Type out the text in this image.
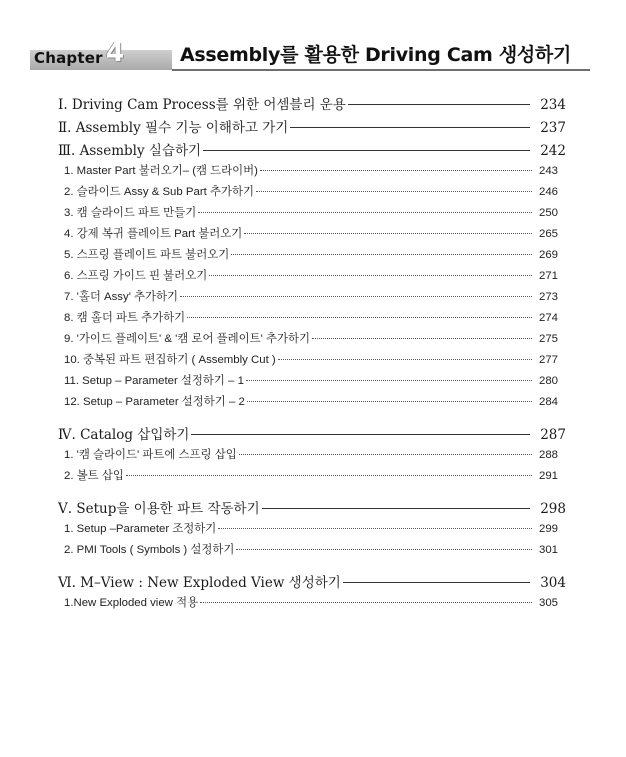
Chapter 4	Assembly를 활용한 Driving Cam 생성하기
Ⅰ. Driving Cam Process를 위한 어셈블리 운용	234
Ⅱ. Assembly 필수 기능 이해하고 가기	237
Ⅲ. Assembly 실습하기	242
1. Master Part 불러오기– (캠 드라이버)	243
2. 슬라이드 Assy & Sub Part 추가하기	246
3. 캠 슬라이드 파트 만들기	250
4. 강제 복귀 플레이트 Part 불러오기	265
5. 스프링 플레이트 파트 불러오기	269
6. 스프링 가이드 핀 불러오기	271
7. '홀더 Assy' 추가하기	273
8. 캠 홀더 파트 추가하기	274
9. '가이드 플레이트' & '캠 로어 플레이트' 추가하기	275
10. 중복된 파트 편집하기 ( Assembly Cut )	277
11. Setup – Parameter 설정하기 – 1	280
12. Setup – Parameter 설정하기 – 2	284
Ⅳ. Catalog 삽입하기	287
1. '캠 슬라이드' 파트에 스프링 삽입	288
2. 볼트 삽입	291
Ⅴ. Setup을 이용한 파트 작동하기	298
1. Setup –Parameter 조정하기	299
2. PMI Tools ( Symbols ) 설정하기	301
Ⅵ. M–View : New Exploded View 생성하기	304
1.New Exploded view 적용	305
